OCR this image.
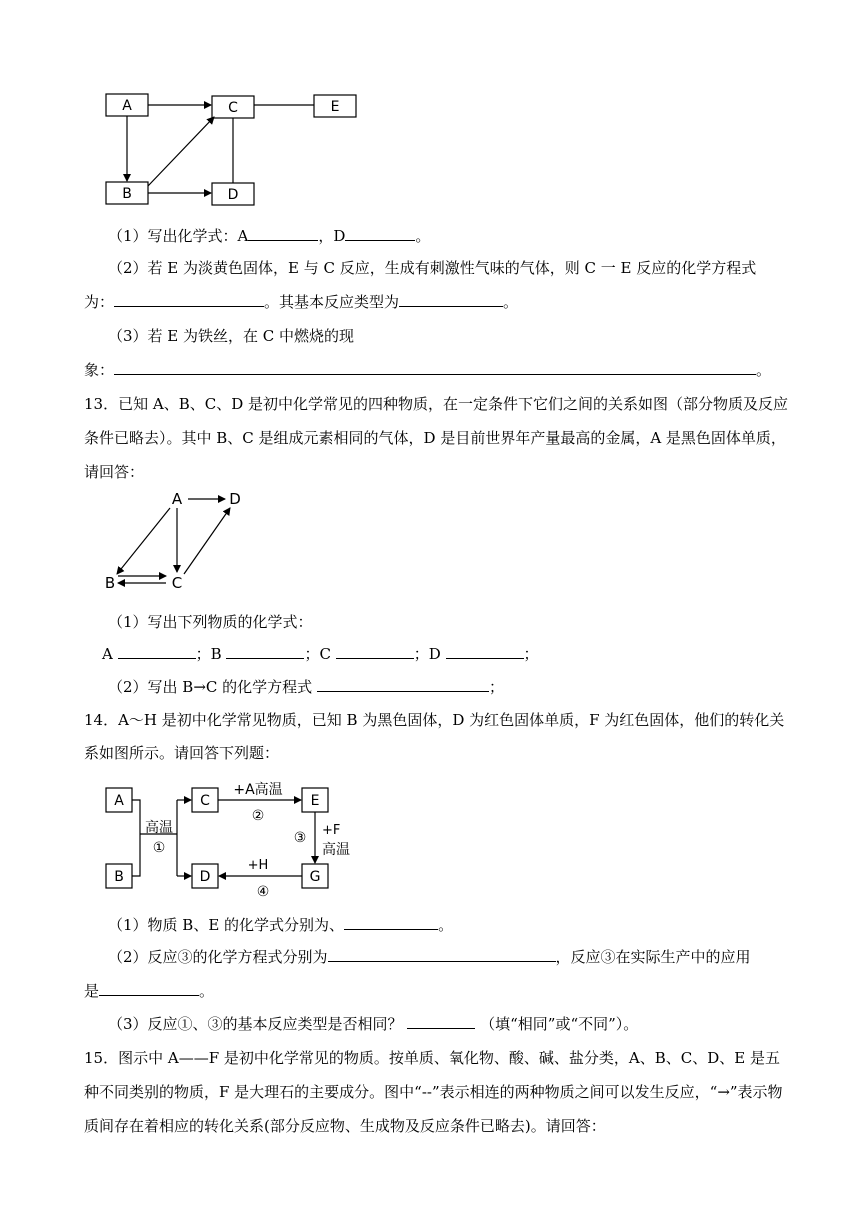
A	C	E
B	D
（1）写出化学式：A	，D	。
（2）若 E 为淡黄色固体，E 与 C 反应，生成有刺激性气味的气体，则 C 一 E 反应的化学方程式
为：	。其基本反应类型为	。
（3）若 E 为铁丝，在 C 中燃烧的现
象：	。
13．已知 A、B、C、D 是初中化学常见的四种物质，在一定条件下它们之间的关系如图（部分物质及反应
条件已略去）。其中 B、C 是组成元素相同的气体，D 是目前世界年产量最高的金属，A 是黑色固体单质，
请回答：
A	D
B	C
（1）写出下列物质的化学式：
A	；B	；C	；D	；
（2）写出 B→C 的化学方程式	；
14．A～H 是初中化学常见物质，已知 B 为黑色固体，D 为红色固体单质，F 为红色固体，他们的转化关
系如图所示。请回答下列题：
A
B
C
D
E
G
高温
①
+A高温
②
③ +F
高温
+H
④
（1）物质 B、E 的化学式分别为、	。
（2）反应③的化学方程式分别为	，反应③在实际生产中的应用
是	。
（3）反应①、③的基本反应类型是否相同？	（填“相同”或“不同”）。
15．图示中 A——F 是初中化学常见的物质。按单质、氧化物、酸、碱、盐分类，A、B、C、D、E 是五
种不同类别的物质，F 是大理石的主要成分。图中“--”表示相连的两种物质之间可以发生反应，“→”表示物
质间存在着相应的转化关系(部分反应物、生成物及反应条件已略去)。请回答：
